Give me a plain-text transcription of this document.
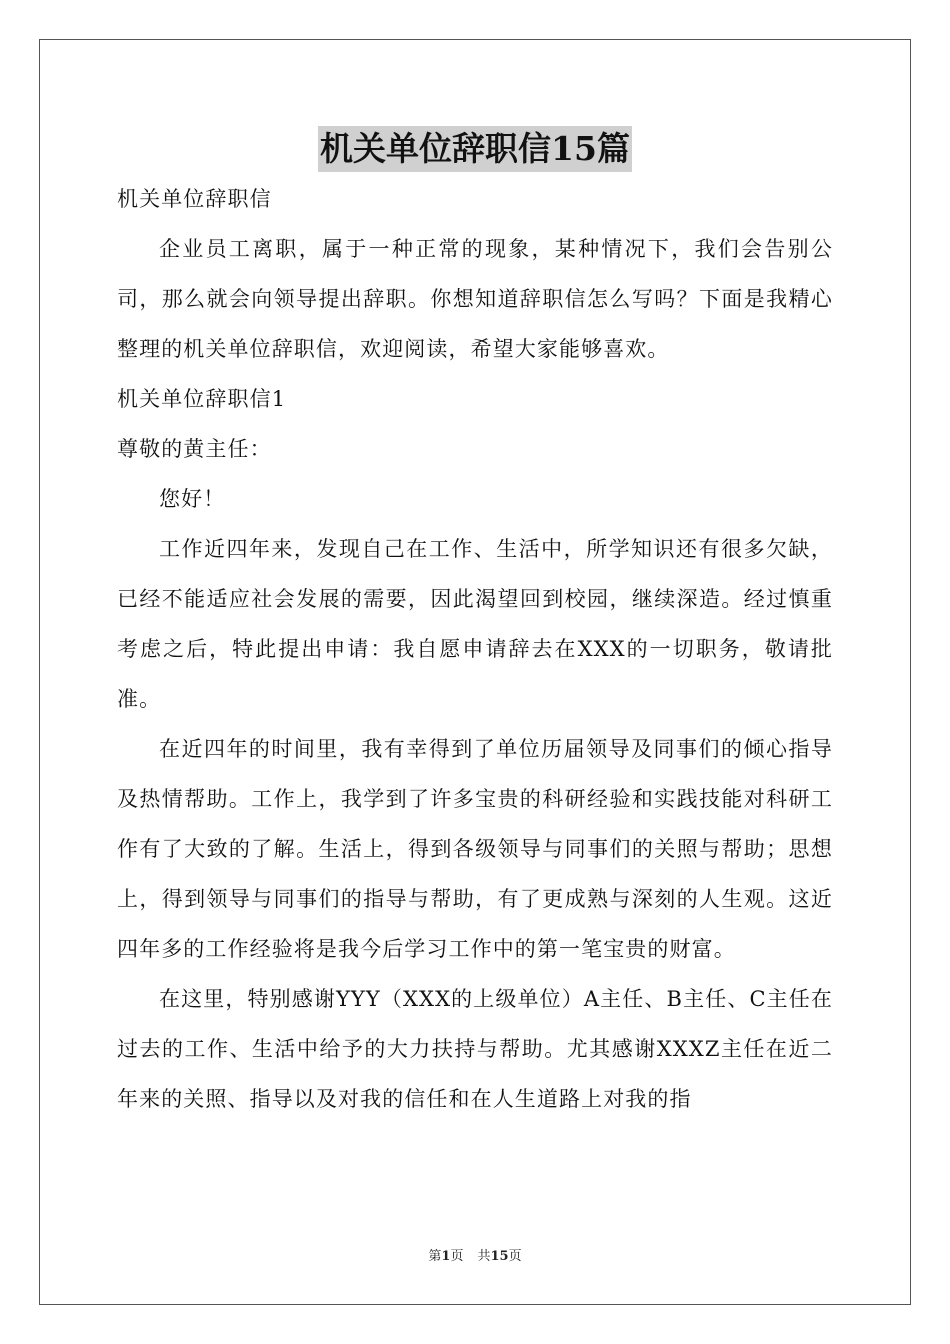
机关单位辞职信15篇
机关单位辞职信

企业员工离职，属于一种正常的现象，某种情况下，我们会告别公司，那么就会向领导提出辞职。你想知道辞职信怎么写吗？下面是我精心整理的机关单位辞职信，欢迎阅读，希望大家能够喜欢。

机关单位辞职信1
尊敬的黄主任：

您好！

工作近四年来，发现自己在工作、生活中，所学知识还有很多欠缺，已经不能适应社会发展的需要，因此渴望回到校园，继续深造。经过慎重考虑之后，特此提出申请：我自愿申请辞去在XXX的一切职务，敬请批准。

在近四年的时间里，我有幸得到了单位历届领导及同事们的倾心指导及热情帮助。工作上，我学到了许多宝贵的科研经验和实践技能对科研工作有了大致的了解。生活上，得到各级领导与同事们的关照与帮助；思想上，得到领导与同事们的指导与帮助，有了更成熟与深刻的人生观。这近四年多的工作经验将是我今后学习工作中的第一笔宝贵的财富。

在这里，特别感谢YYY（XXX的上级单位）A主任、B主任、C主任在过去的工作、生活中给予的大力扶持与帮助。尤其感谢XXXZ主任在近二年来的关照、指导以及对我的信任和在人生道路上对我的指

第1页 共15页
